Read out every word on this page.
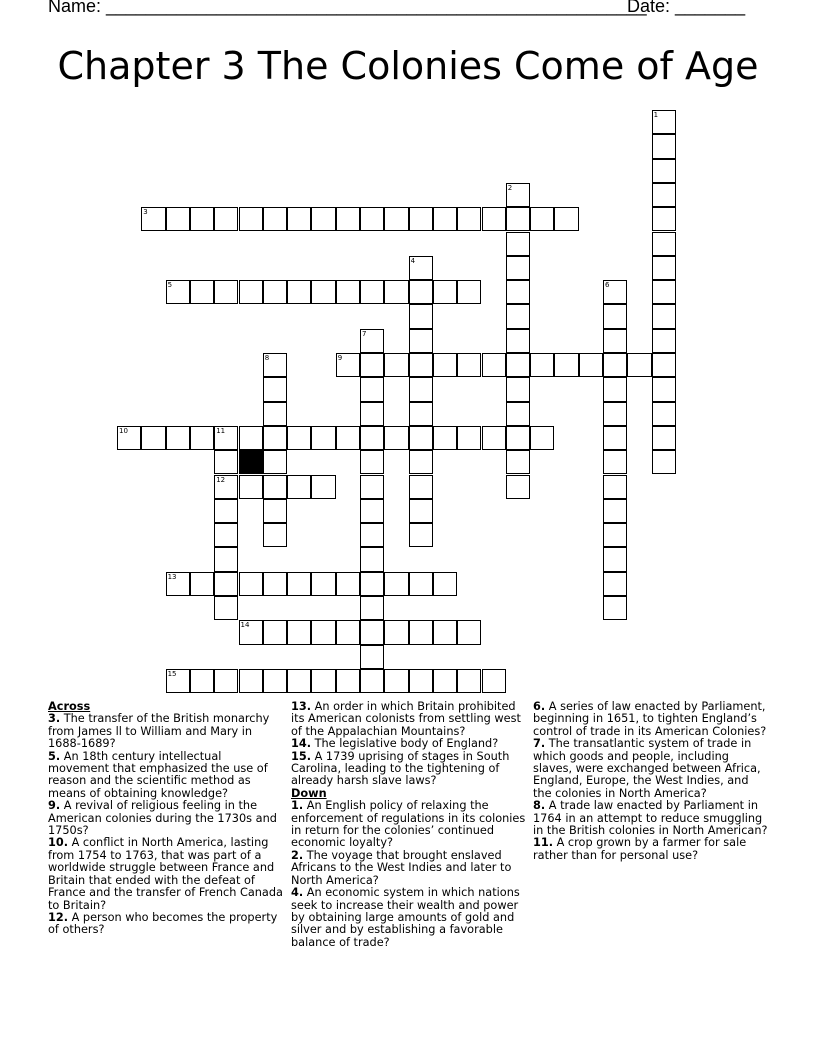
Name: ______________________________________________________
Date: _______
Chapter 3 The Colonies Come of Age
3
5
9
10	11
12
13
14
15
1
2
4
6
7
8

Across

3. The transfer of the British monarchy from James ll to William and Mary in 1688-1689?

5. An 18th century intellectual movement that emphasized the use of reason and the scientific method as means of obtaining knowledge?

9. A revival of religious feeling in the American colonies during the 1730s and 1750s?

10. A conflict in North America, lasting from 1754 to 1763, that was part of a worldwide struggle between France and Britain that ended with the defeat of France and the transfer of French Canada to Britain?

12. A person who becomes the property of others?

13. An order in which Britain prohibited its American colonists from settling west of the Appalachian Mountains?

14. The legislative body of England?

15. A 1739 uprising of stages in South Carolina, leading to the tightening of already harsh slave laws?

Down

1. An English policy of relaxing the enforcement of regulations in its colonies in return for the colonies’ continued economic loyalty?

2. The voyage that brought enslaved Africans to the West Indies and later to North America?

4. An economic system in which nations seek to increase their wealth and power by obtaining large amounts of gold and silver and by establishing a favorable balance of trade?

6. A series of law enacted by Parliament, beginning in 1651, to tighten England’s control of trade in its American Colonies?

7. The transatlantic system of trade in which goods and people, including slaves, were exchanged between Africa, England, Europe, the West Indies, and the colonies in North America?

8. A trade law enacted by Parliament in 1764 in an attempt to reduce smuggling in the British colonies in North American?

11. A crop grown by a farmer for sale rather than for personal use?
